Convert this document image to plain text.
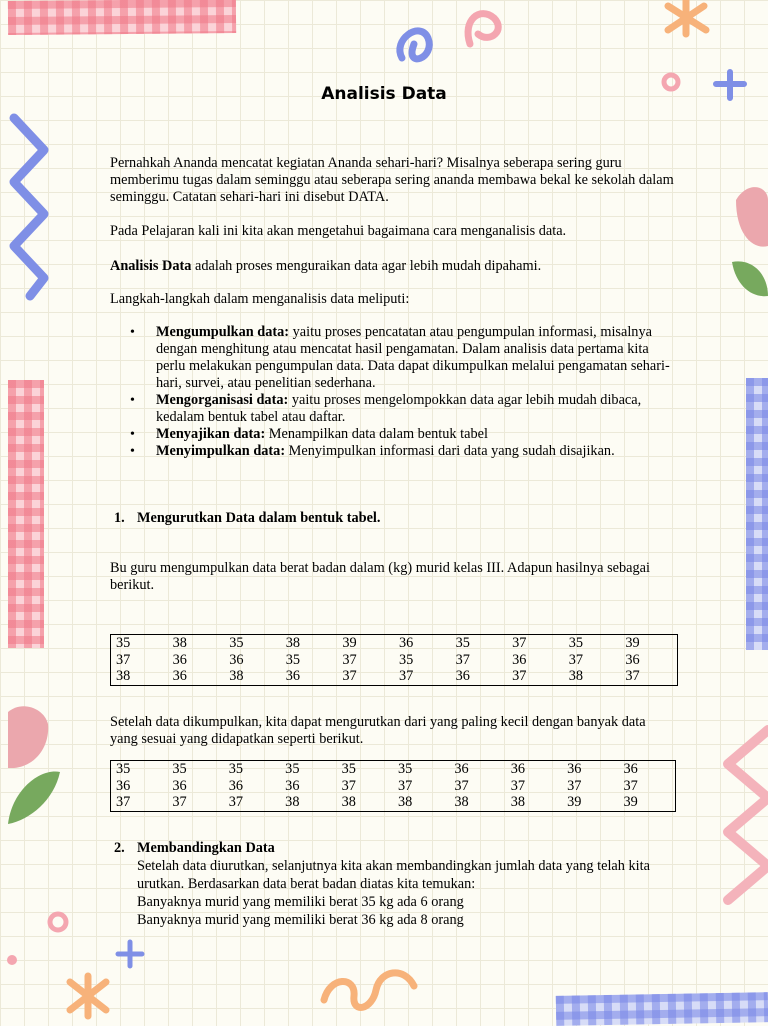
Analisis Data

Pernahkah Ananda mencatat kegiatan Ananda sehari-hari? Misalnya seberapa sering guru memberimu tugas dalam seminggu atau seberapa sering ananda membawa bekal ke sekolah dalam seminggu. Catatan sehari-hari ini disebut DATA.

Pada Pelajaran kali ini kita akan mengetahui bagaimana cara menganalisis data.

Analisis Data adalah proses menguraikan data agar lebih mudah dipahami.

Langkah-langkah dalam menganalisis data meliputi:

• Mengumpulkan data: yaitu proses pencatatan atau pengumpulan informasi, misalnya dengan menghitung atau mencatat hasil pengamatan. Dalam analisis data pertama kita perlu melakukan pengumpulan data. Data dapat dikumpulkan melalui pengamatan sehari-hari, survei, atau penelitian sederhana.
• Mengorganisasi data: yaitu proses mengelompokkan data agar lebih mudah dibaca, kedalam bentuk tabel atau daftar.
• Menyajikan data: Menampilkan data dalam bentuk tabel
• Menyimpulkan data: Menyimpulkan informasi dari data yang sudah disajikan.
1. Mengurutkan Data dalam bentuk tabel.

Bu guru mengumpulkan data berat badan dalam (kg) murid kelas III. Adapun hasilnya sebagai berikut.

35	38	35	38	39	36	35	37	35	39
37	36	36	35	37	35	37	36	37	36
38	36	38	36	37	37	36	37	38	37

Setelah data dikumpulkan, kita dapat mengurutkan dari yang paling kecil dengan banyak data yang sesuai yang didapatkan seperti berikut.

35	35	35	35	35	35	36	36	36	36
36	36	36	36	37	37	37	37	37	37
37	37	37	38	38	38	38	38	39	39
2. Membandingkan Data
Setelah data diurutkan, selanjutnya kita akan membandingkan jumlah data yang telah kita urutkan. Berdasarkan data berat badan diatas kita temukan:
Banyaknya murid yang memiliki berat 35 kg ada 6 orang
Banyaknya murid yang memiliki berat 36 kg ada 8 orang
